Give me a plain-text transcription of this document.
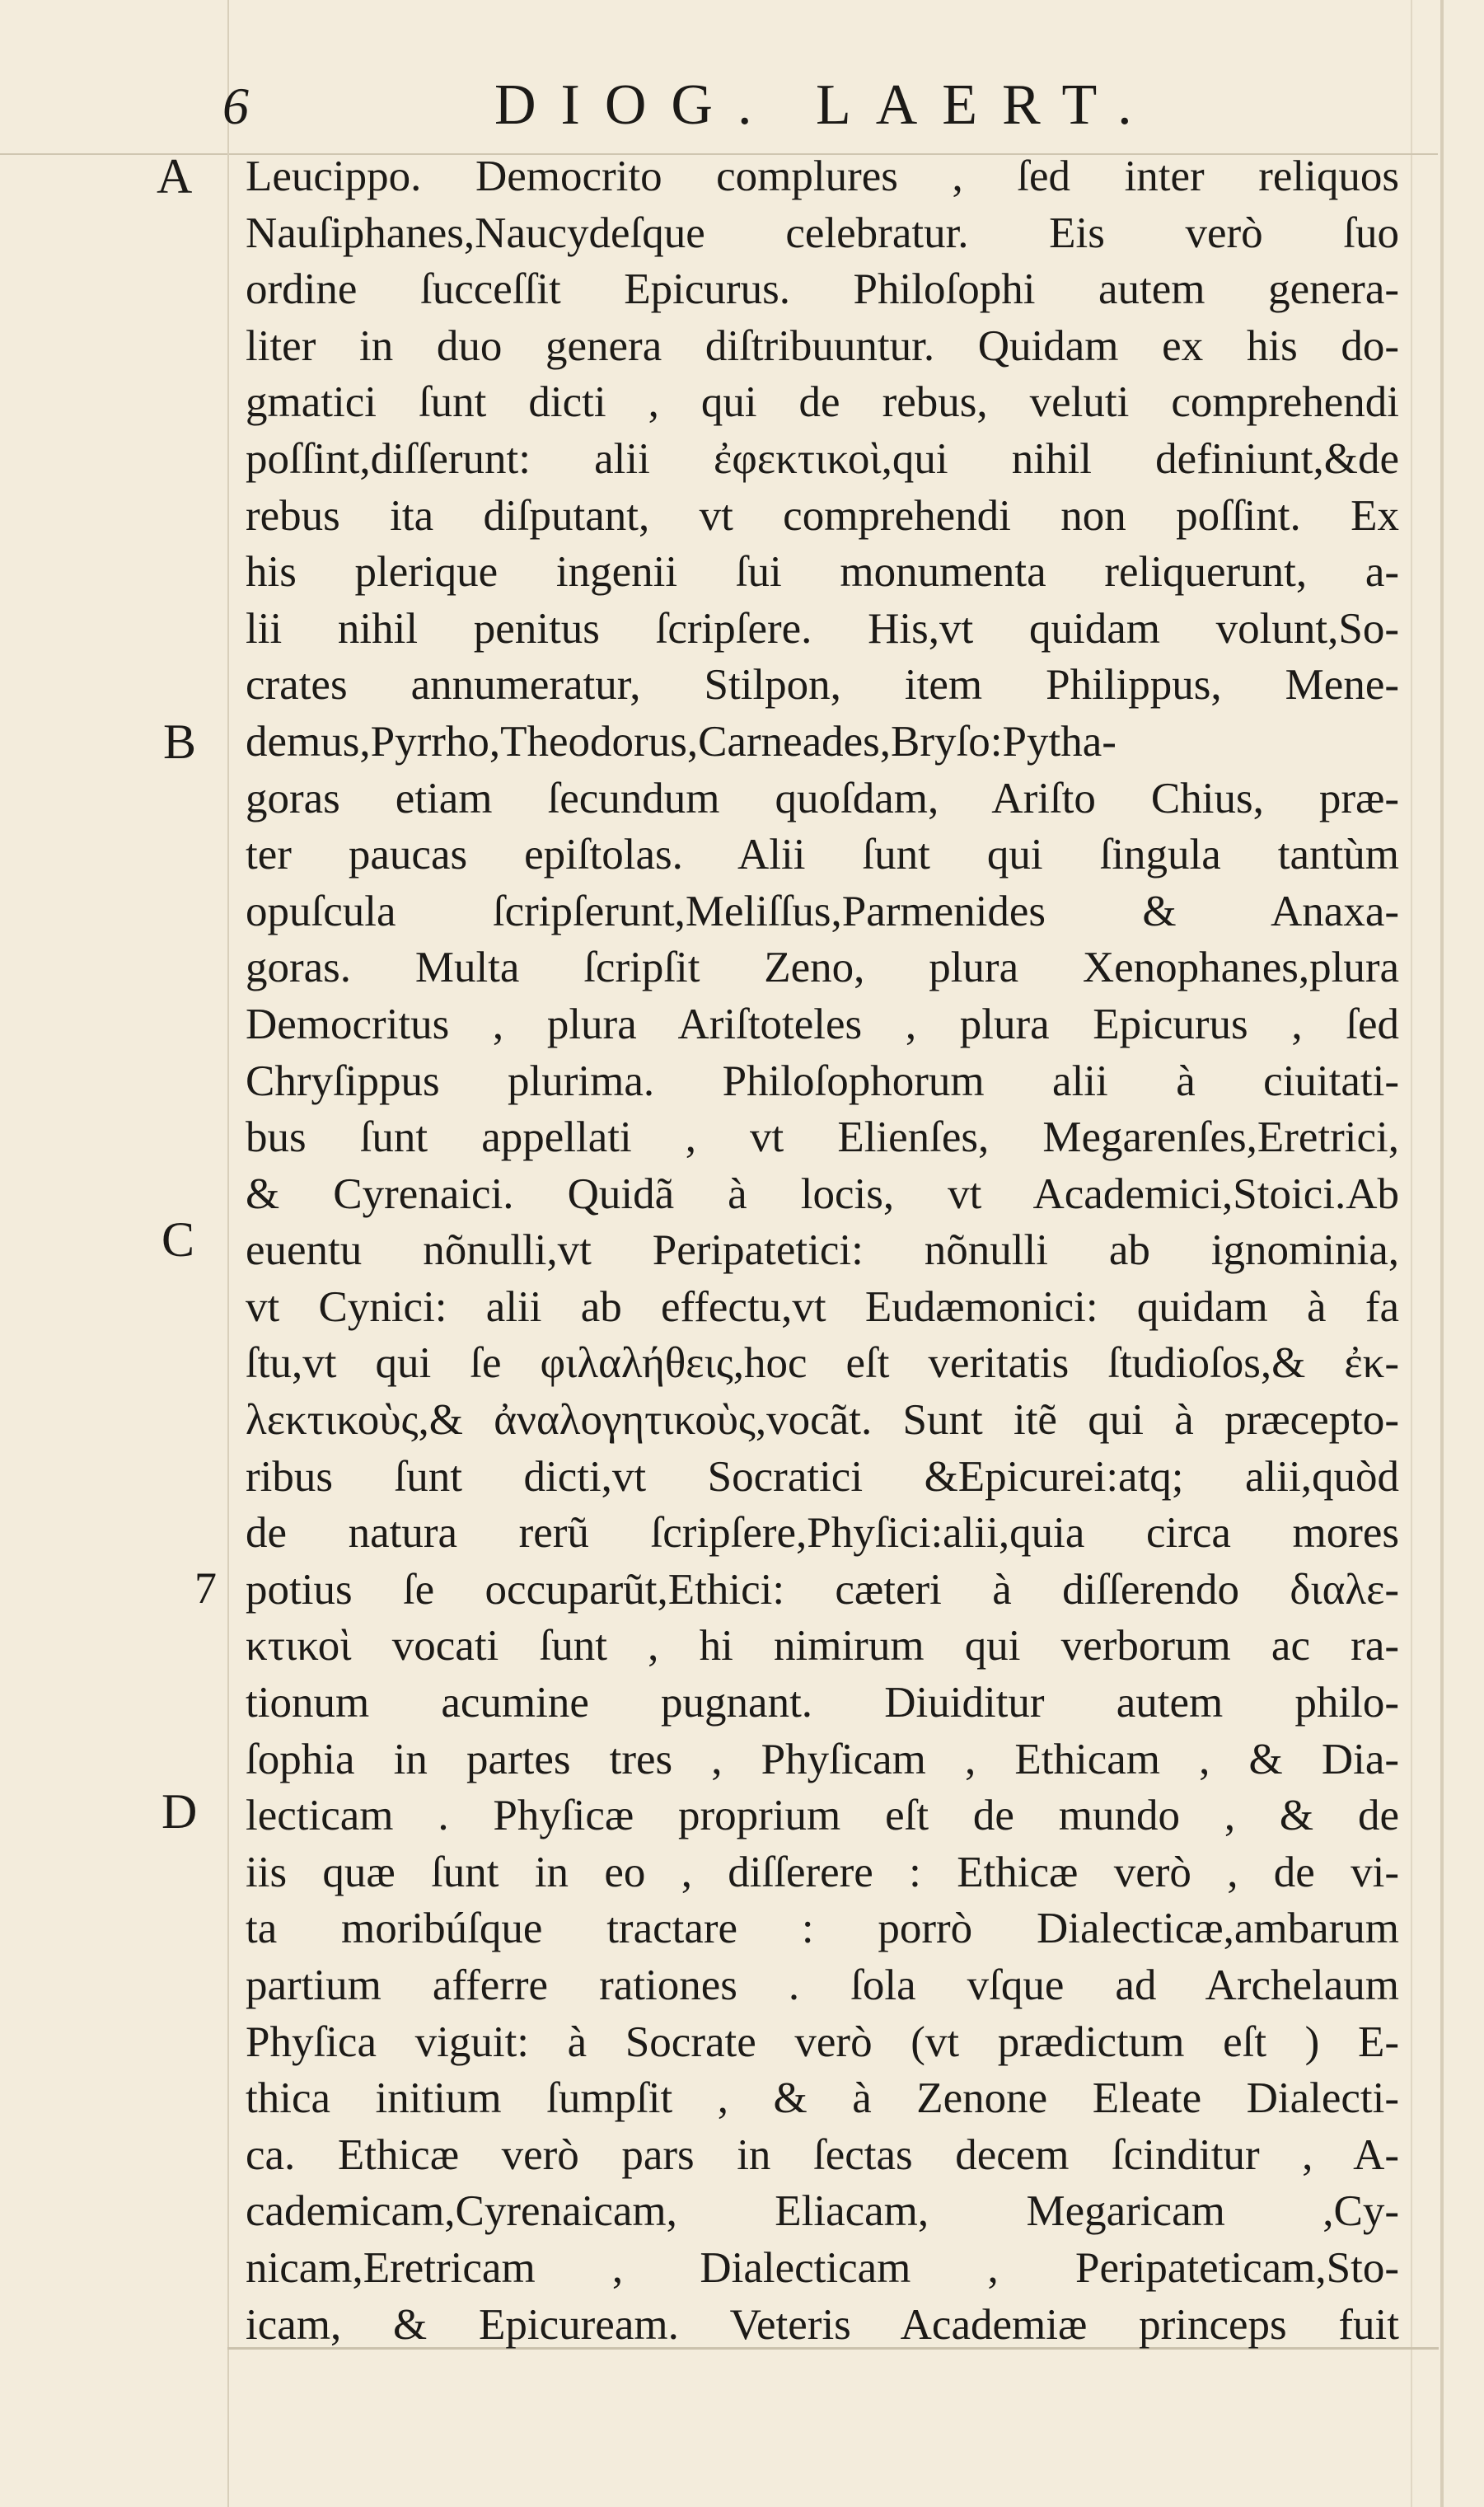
6	DIOG. LAERT.
A
B
C
7
D
Leucippo. Democrito complures , ſed inter reliquos
Nauſiphanes,Naucydeſque celebratur. Eis verò ſuo
ordine ſucceſſit Epicurus. Philoſophi autem genera-
liter in duo genera diſtribuuntur. Quidam ex his do-
gmatici ſunt dicti , qui de rebus, veluti comprehendi
poſſint,diſſerunt: alii ἐφεκτικοὶ,qui nihil definiunt,&de
rebus ita diſputant, vt comprehendi non poſſint. Ex
his plerique ingenii ſui monumenta reliquerunt, a-
lii nihil penitus ſcripſere. His,vt quidam volunt,So-
crates annumeratur, Stilpon, item Philippus, Mene-
demus,Pyrrho,Theodorus,Carneades,Bryſo:Pytha-
goras etiam ſecundum quoſdam, Ariſto Chius, præ-
ter paucas epiſtolas. Alii ſunt qui ſingula tantùm
opuſcula ſcripſerunt,Meliſſus,Parmenides & Anaxa-
goras. Multa ſcripſit Zeno, plura Xenophanes,plura
Democritus , plura Ariſtoteles , plura Epicurus , ſed
Chryſippus plurima. Philoſophorum alii à ciuitati-
bus ſunt appellati , vt Elienſes, Megarenſes,Eretrici,
& Cyrenaici. Quidã à locis, vt Academici,Stoici.Ab
euentu nõnulli,vt Peripatetici: nõnulli ab ignominia,
vt Cynici: alii ab effectu,vt Eudæmonici: quidam à fa
ſtu,vt qui ſe φιλαλήθεις,hoc eſt veritatis ſtudioſos,& ἐκ-
λεκτικοὺς,& ἀναλογητικοὺς,vocãt. Sunt itẽ qui à præcepto-
ribus ſunt dicti,vt Socratici &Epicurei:atq; alii,quòd
de natura rerũ ſcripſere,Phyſici:alii,quia circa mores
potius ſe occuparũt,Ethici: cæteri à diſſerendo διαλε-
κτικοὶ vocati ſunt , hi nimirum qui verborum ac ra-
tionum acumine pugnant. Diuiditur autem philo-
ſophia in partes tres , Phyſicam , Ethicam , & Dia-
lecticam . Phyſicæ proprium eſt de mundo , & de
iis quæ ſunt in eo , diſſerere : Ethicæ verò , de vi-
ta moribúſque tractare : porrò Dialecticæ,ambarum
partium afferre rationes . ſola vſque ad Archelaum
Phyſica viguit: à Socrate verò (vt prædictum eſt ) E-
thica initium ſumpſit , & à Zenone Eleate Dialecti-
ca. Ethicæ verò pars in ſectas decem ſcinditur , A-
cademicam,Cyrenaicam, Eliacam, Megaricam ,Cy-
nicam,Eretricam , Dialecticam , Peripateticam,Sto-
icam, & Epicuream. Veteris Academiæ princeps fuit
